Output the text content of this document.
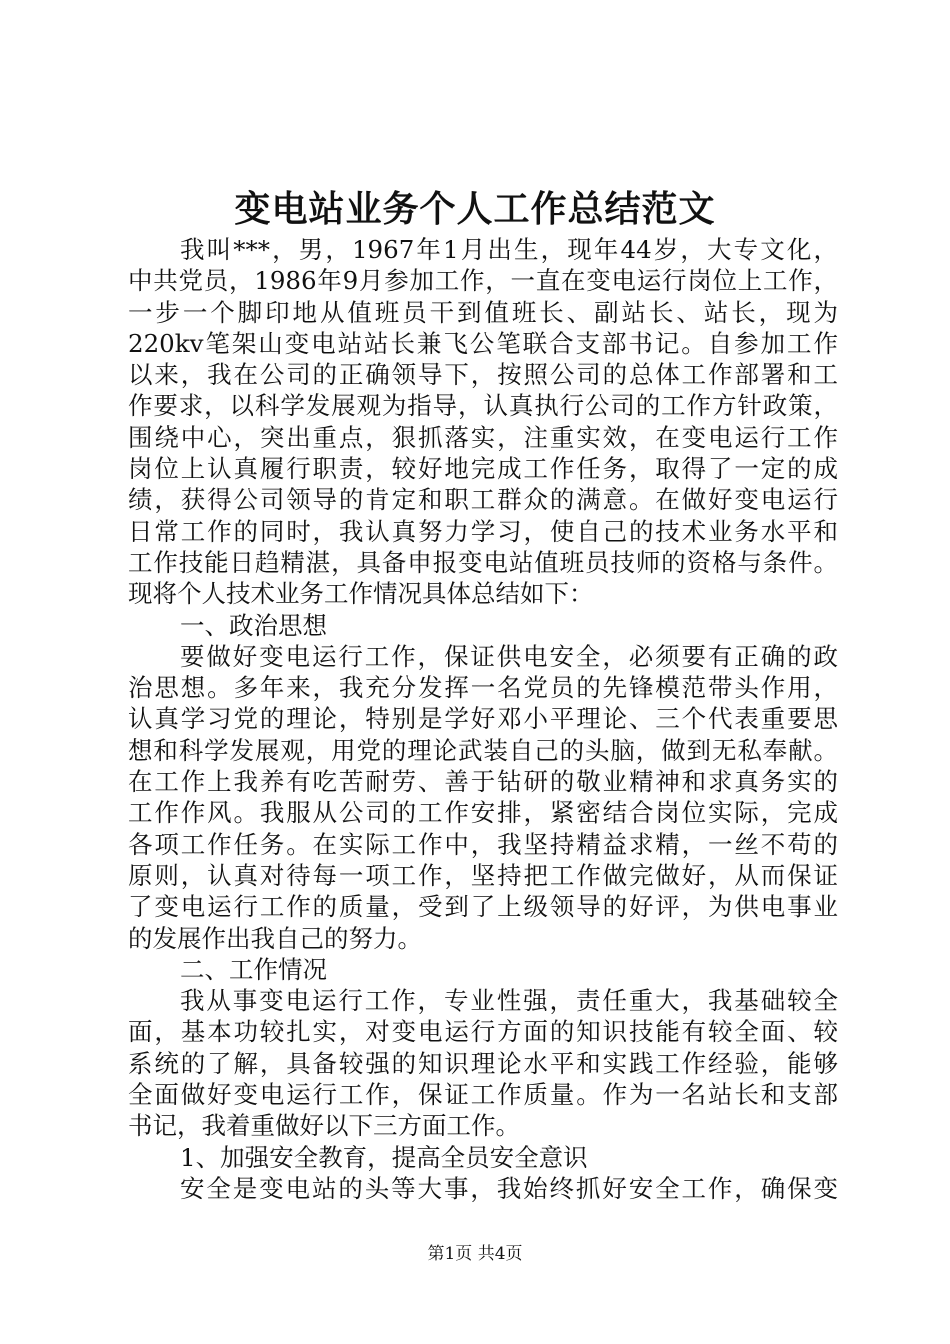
变电站业务个人工作总结范文
我叫***，男，1967年1月出生，现年44岁，大专文化，
中共党员，1986年9月参加工作，一直在变电运行岗位上工作，
一步一个脚印地从值班员干到值班长、副站长、站长，现为
220kv笔架山变电站站长兼飞公笔联合支部书记。自参加工作
以来，我在公司的正确领导下，按照公司的总体工作部署和工
作要求，以科学发展观为指导，认真执行公司的工作方针政策，
围绕中心，突出重点，狠抓落实，注重实效，在变电运行工作
岗位上认真履行职责，较好地完成工作任务，取得了一定的成
绩，获得公司领导的肯定和职工群众的满意。在做好变电运行
日常工作的同时，我认真努力学习，使自己的技术业务水平和
工作技能日趋精湛，具备申报变电站值班员技师的资格与条件。
现将个人技术业务工作情况具体总结如下：
一、政治思想
要做好变电运行工作，保证供电安全，必须要有正确的政
治思想。多年来，我充分发挥一名党员的先锋模范带头作用，
认真学习党的理论，特别是学好邓小平理论、三个代表重要思
想和科学发展观，用党的理论武装自己的头脑，做到无私奉献。
在工作上我养有吃苦耐劳、善于钻研的敬业精神和求真务实的
工作作风。我服从公司的工作安排，紧密结合岗位实际，完成
各项工作任务。在实际工作中，我坚持精益求精，一丝不苟的
原则，认真对待每一项工作，坚持把工作做完做好，从而保证
了变电运行工作的质量，受到了上级领导的好评，为供电事业
的发展作出我自己的努力。
二、工作情况
我从事变电运行工作，专业性强，责任重大，我基础较全
面，基本功较扎实，对变电运行方面的知识技能有较全面、较
系统的了解，具备较强的知识理论水平和实践工作经验，能够
全面做好变电运行工作，保证工作质量。作为一名站长和支部
书记，我着重做好以下三方面工作。
1、加强安全教育，提高全员安全意识
安全是变电站的头等大事，我始终抓好安全工作，确保变
第1页 共4页
